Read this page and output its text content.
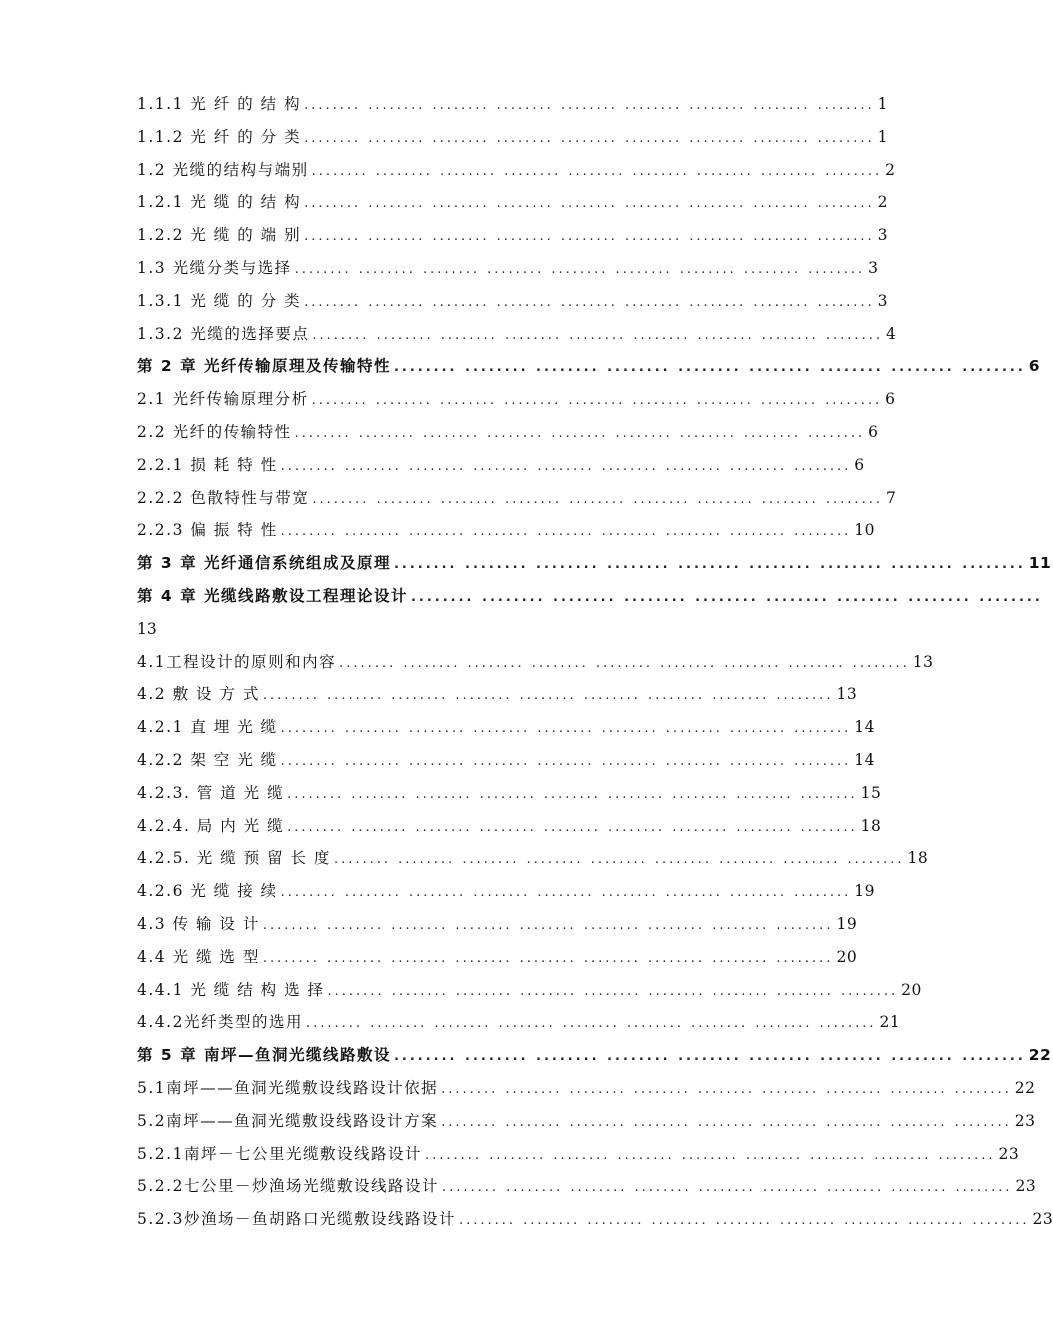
1.1.1 光 纤 的 结 构 ........ ........ ........ ........ ........ ........ ........ ........ ........ 1
1.1.2 光 纤 的 分 类 ........ ........ ........ ........ ........ ........ ........ ........ ........ 1
1.2 光缆的结构与端别 ........ ........ ........ ........ ........ ........ ........ ........ ........ 2
1.2.1 光 缆 的 结 构 ........ ........ ........ ........ ........ ........ ........ ........ ........ 2
1.2.2 光 缆 的 端 别 ........ ........ ........ ........ ........ ........ ........ ........ ........ 3
1.3 光缆分类与选择 ........ ........ ........ ........ ........ ........ ........ ........ ........ 3
1.3.1 光 缆 的 分 类 ........ ........ ........ ........ ........ ........ ........ ........ ........ 3
1.3.2 光缆的选择要点 ........ ........ ........ ........ ........ ........ ........ ........ ........ 4
第 2 章 光纤传输原理及传输特性 ........ ........ ........ ........ ........ ........ ........ ........ ........ 6
2.1 光纤传输原理分析 ........ ........ ........ ........ ........ ........ ........ ........ ........ 6
2.2 光纤的传输特性 ........ ........ ........ ........ ........ ........ ........ ........ ........ 6
2.2.1 损 耗 特 性 ........ ........ ........ ........ ........ ........ ........ ........ ........ 6
2.2.2 色散特性与带宽 ........ ........ ........ ........ ........ ........ ........ ........ ........ 7
2.2.3 偏 振 特 性 ........ ........ ........ ........ ........ ........ ........ ........ ........ 10
第 3 章 光纤通信系统组成及原理 ........ ........ ........ ........ ........ ........ ........ ........ ........ 11
第 4 章 光缆线路敷设工程理论设计 ........ ........ ........ ........ ........ ........ ........ ........ ........
13
4.1工程设计的原则和内容 ........ ........ ........ ........ ........ ........ ........ ........ ........ 13
4.2 敷 设 方 式 ........ ........ ........ ........ ........ ........ ........ ........ ........ 13
4.2.1 直 埋 光 缆 ........ ........ ........ ........ ........ ........ ........ ........ ........ 14
4.2.2 架 空 光 缆 ........ ........ ........ ........ ........ ........ ........ ........ ........ 14
4.2.3. 管 道 光 缆 ........ ........ ........ ........ ........ ........ ........ ........ ........ 15
4.2.4. 局 内 光 缆 ........ ........ ........ ........ ........ ........ ........ ........ ........ 18
4.2.5. 光 缆 预 留 长 度 ........ ........ ........ ........ ........ ........ ........ ........ ........ 18
4.2.6 光 缆 接 续 ........ ........ ........ ........ ........ ........ ........ ........ ........ 19
4.3 传 输 设 计 ........ ........ ........ ........ ........ ........ ........ ........ ........ 19
4.4 光 缆 选 型 ........ ........ ........ ........ ........ ........ ........ ........ ........ 20
4.4.1 光 缆 结 构 选 择 ........ ........ ........ ........ ........ ........ ........ ........ ........ 20
4.4.2光纤类型的选用 ........ ........ ........ ........ ........ ........ ........ ........ ........ 21
第 5 章 南坪—鱼洞光缆线路敷设 ........ ........ ........ ........ ........ ........ ........ ........ ........ 22
5.1南坪——鱼洞光缆敷设线路设计依据 ........ ........ ........ ........ ........ ........ ........ ........ ........ 22
5.2南坪——鱼洞光缆敷设线路设计方案 ........ ........ ........ ........ ........ ........ ........ ........ ........ 23
5.2.1南坪－七公里光缆敷设线路设计 ........ ........ ........ ........ ........ ........ ........ ........ ........ 23
5.2.2七公里－炒渔场光缆敷设线路设计 ........ ........ ........ ........ ........ ........ ........ ........ ........ 23
5.2.3炒渔场－鱼胡路口光缆敷设线路设计 ........ ........ ........ ........ ........ ........ ........ ........ ........ 23
